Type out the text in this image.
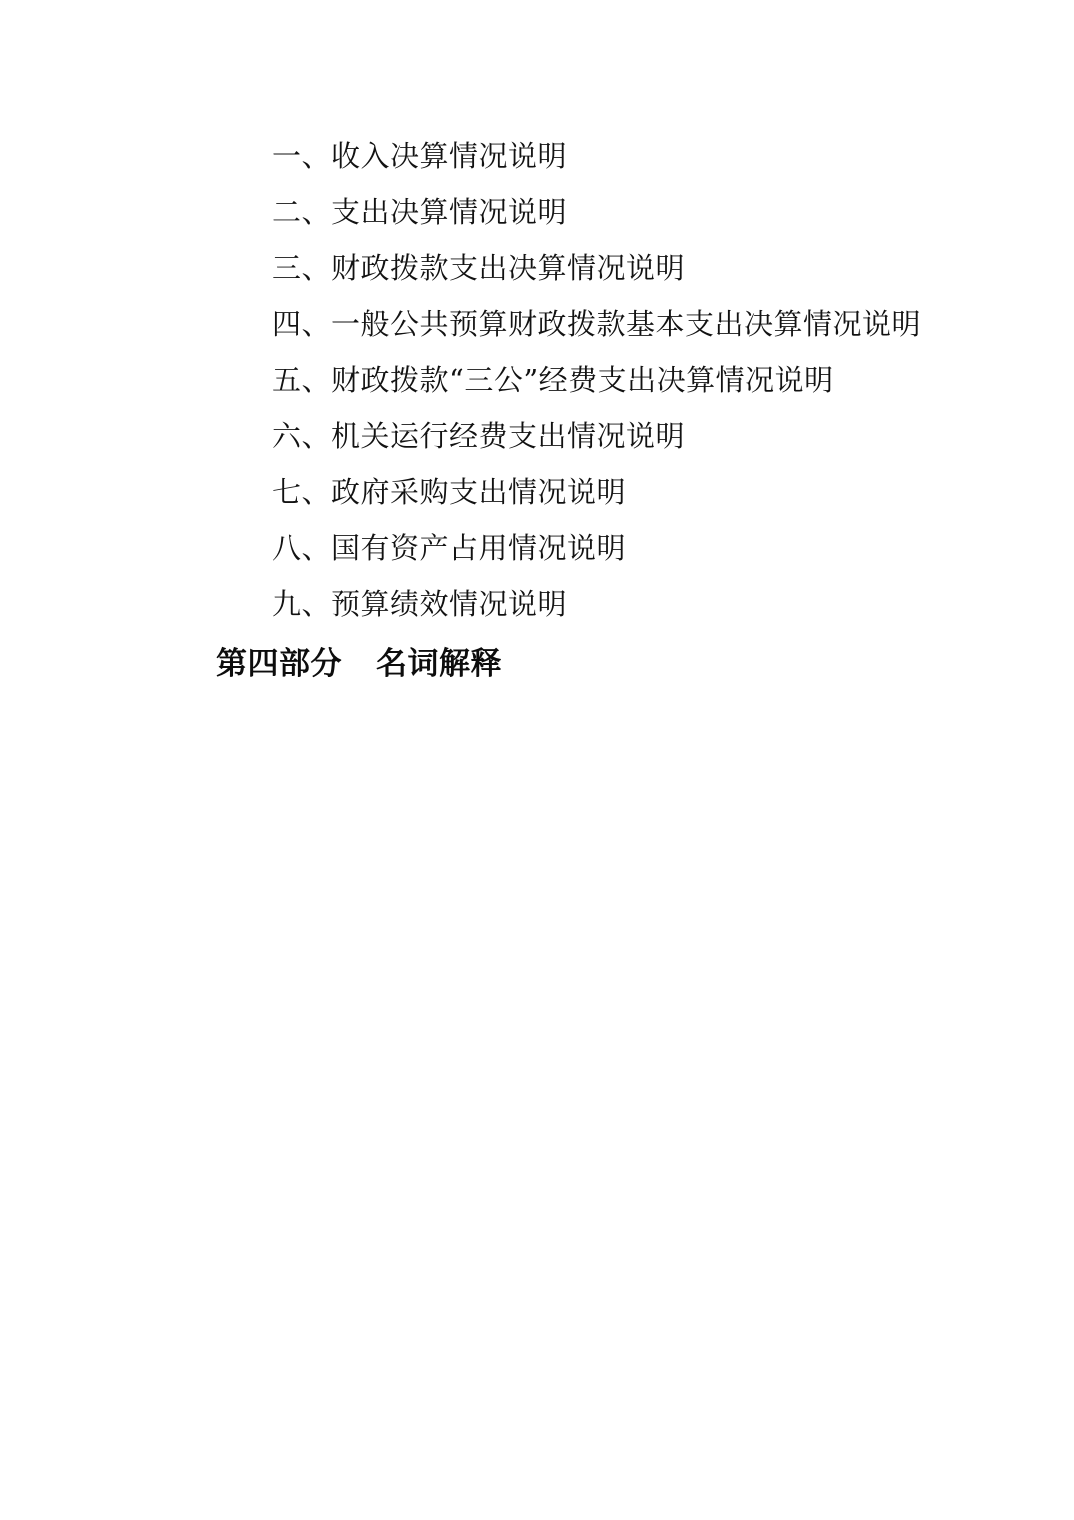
一、收入决算情况说明
二、支出决算情况说明
三、财政拨款支出决算情况说明
四、一般公共预算财政拨款基本支出决算情况说明
五、财政拨款“三公”经费支出决算情况说明
六、机关运行经费支出情况说明
七、政府采购支出情况说明
八、国有资产占用情况说明
九、预算绩效情况说明
第四部分 名词解释
